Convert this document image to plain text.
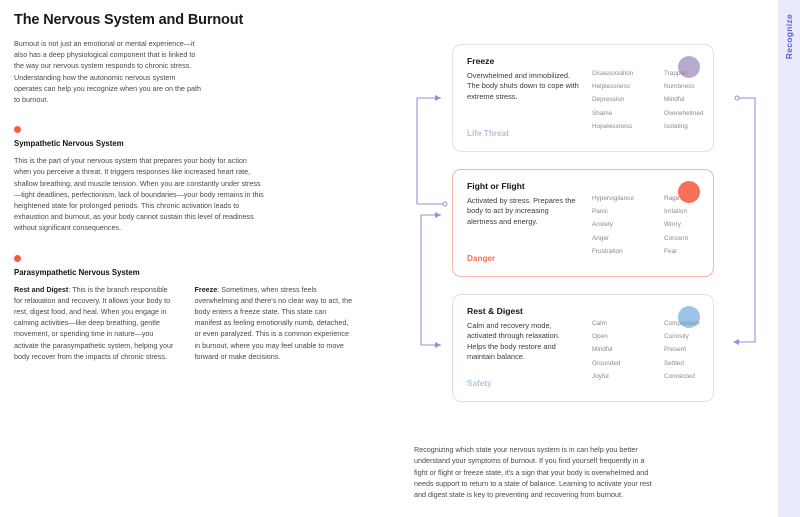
The Nervous System and Burnout

Burnout is not just an emotional or mental experience—it also has a deep physiological component that is linked to the way our nervous system responds to chronic stress. Understanding how the autonomic nervous system operates can help you recognize when you are on the path to burnout.

Sympathetic Nervous System

This is the part of your nervous system that prepares your body for action when you perceive a threat. It triggers responses like increased heart rate, shallow breathing, and muscle tension. When you are constantly under stress—tight deadlines, perfectionism, lack of boundaries—your body remains in this heightened state for prolonged periods. This chronic activation leads to exhaustion and burnout, as your body cannot sustain this level of readiness without significant consequences.

Parasympathetic Nervous System
Rest and Digest: This is the branch responsible for relaxation and recovery. It allows your body to rest, digest food, and heal. When you engage in calming activities—like deep breathing, gentle movement, or spending time in nature—you activate the parasympathetic system, helping your body recover from the impacts of chronic stress.
Freeze: Sometimes, when stress feels overwhelming and there's no clear way to act, the body enters a freeze state. This state can manifest as feeling emotionally numb, detached, or even paralyzed. This is a common experience in burnout, where you may feel unable to move forward or make decisions.
Freeze

Overwhelmed and immobilized. The body shuts down to cope with extreme stress.

Life Threat
Disassociation
Helplessness
Depression
Shame
Hopelessness
Trapped
Numbness
Mindful
Overwhelmed
Isolating
Fight or Flight

Activated by stress. Prepares the body to act by increasing alertness and energy.

Danger
Hypervigilance
Panic
Anxiety
Anger
Frustration
Rage
Irritation
Worry
Concern
Fear
Rest & Digest

Calm and recovery mode, activated through relaxation. Helps the body restore and maintain balance.

Safety
Calm
Open
Mindful
Grounded
Joyful
Compassion
Curiosity
Present
Settled
Connected

Recognizing which state your nervous system is in can help you better understand your symptoms of burnout. If you find yourself frequently in a fight or flight or freeze state, it's a sign that your body is overwhelmed and needs support to return to a state of balance. Learning to activate your rest and digest state is key to preventing and recovering from burnout.

Recognize
